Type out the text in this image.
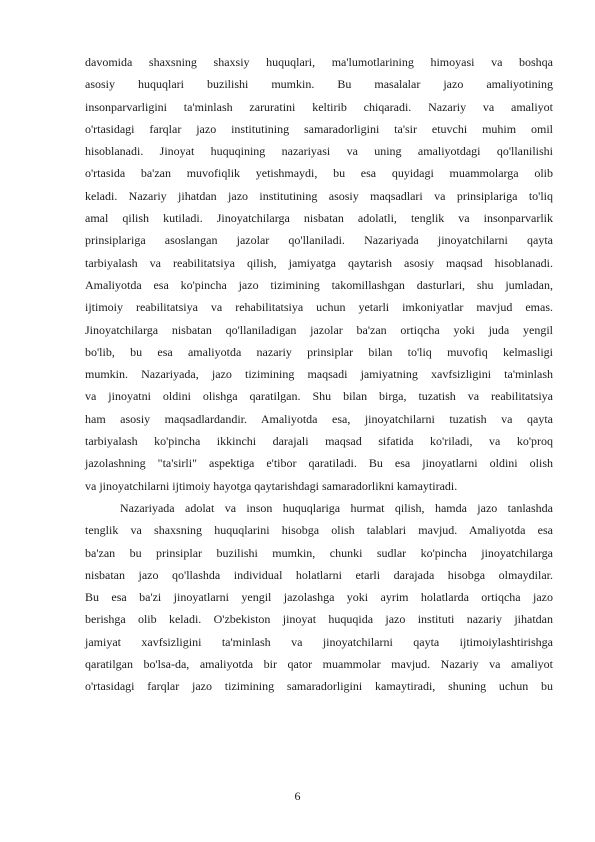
davomida shaxsning shaxsiy huquqlari, ma'lumotlarining himoyasi va boshqa
asosiy huquqlari buzilishi mumkin. Bu masalalar jazo amaliyotining
insonparvarligini ta'minlash zaruratini keltirib chiqaradi. Nazariy va amaliyot
o'rtasidagi farqlar jazo institutining samaradorligini ta'sir etuvchi muhim omil
hisoblanadi. Jinoyat huquqining nazariyasi va uning amaliyotdagi qo'llanilishi
o'rtasida ba'zan muvofiqlik yetishmaydi, bu esa quyidagi muammolarga olib
keladi. Nazariy jihatdan jazo institutining asosiy maqsadlari va prinsiplariga to'liq
amal qilish kutiladi. Jinoyatchilarga nisbatan adolatli, tenglik va insonparvarlik
prinsiplariga asoslangan jazolar qo'llaniladi. Nazariyada jinoyatchilarni qayta
tarbiyalash va reabilitatsiya qilish, jamiyatga qaytarish asosiy maqsad hisoblanadi.
Amaliyotda esa ko'pincha jazo tizimining takomillashgan dasturlari, shu jumladan,
ijtimoiy reabilitatsiya va rehabilitatsiya uchun yetarli imkoniyatlar mavjud emas.
Jinoyatchilarga nisbatan qo'llaniladigan jazolar ba'zan ortiqcha yoki juda yengil
bo'lib, bu esa amaliyotda nazariy prinsiplar bilan to'liq muvofiq kelmasligi
mumkin. Nazariyada, jazo tizimining maqsadi jamiyatning xavfsizligini ta'minlash
va jinoyatni oldini olishga qaratilgan. Shu bilan birga, tuzatish va reabilitatsiya
ham asosiy maqsadlardandir. Amaliyotda esa, jinoyatchilarni tuzatish va qayta
tarbiyalash ko'pincha ikkinchi darajali maqsad sifatida ko'riladi, va ko'proq
jazolashning "ta'sirli" aspektiga e'tibor qaratiladi. Bu esa jinoyatlarni oldini olish
va jinoyatchilarni ijtimoiy hayotga qaytarishdagi samaradorlikni kamaytiradi.
Nazariyada adolat va inson huquqlariga hurmat qilish, hamda jazo tanlashda
tenglik va shaxsning huquqlarini hisobga olish talablari mavjud. Amaliyotda esa
ba'zan bu prinsiplar buzilishi mumkin, chunki sudlar ko'pincha jinoyatchilarga
nisbatan jazo qo'llashda individual holatlarni etarli darajada hisobga olmaydilar.
Bu esa ba'zi jinoyatlarni yengil jazolashga yoki ayrim holatlarda ortiqcha jazo
berishga olib keladi. O'zbekiston jinoyat huquqida jazo instituti nazariy jihatdan
jamiyat xavfsizligini ta'minlash va jinoyatchilarni qayta ijtimoiylashtirishga
qaratilgan bo'lsa-da, amaliyotda bir qator muammolar mavjud. Nazariy va amaliyot
o'rtasidagi farqlar jazo tizimining samaradorligini kamaytiradi, shuning uchun bu
6
